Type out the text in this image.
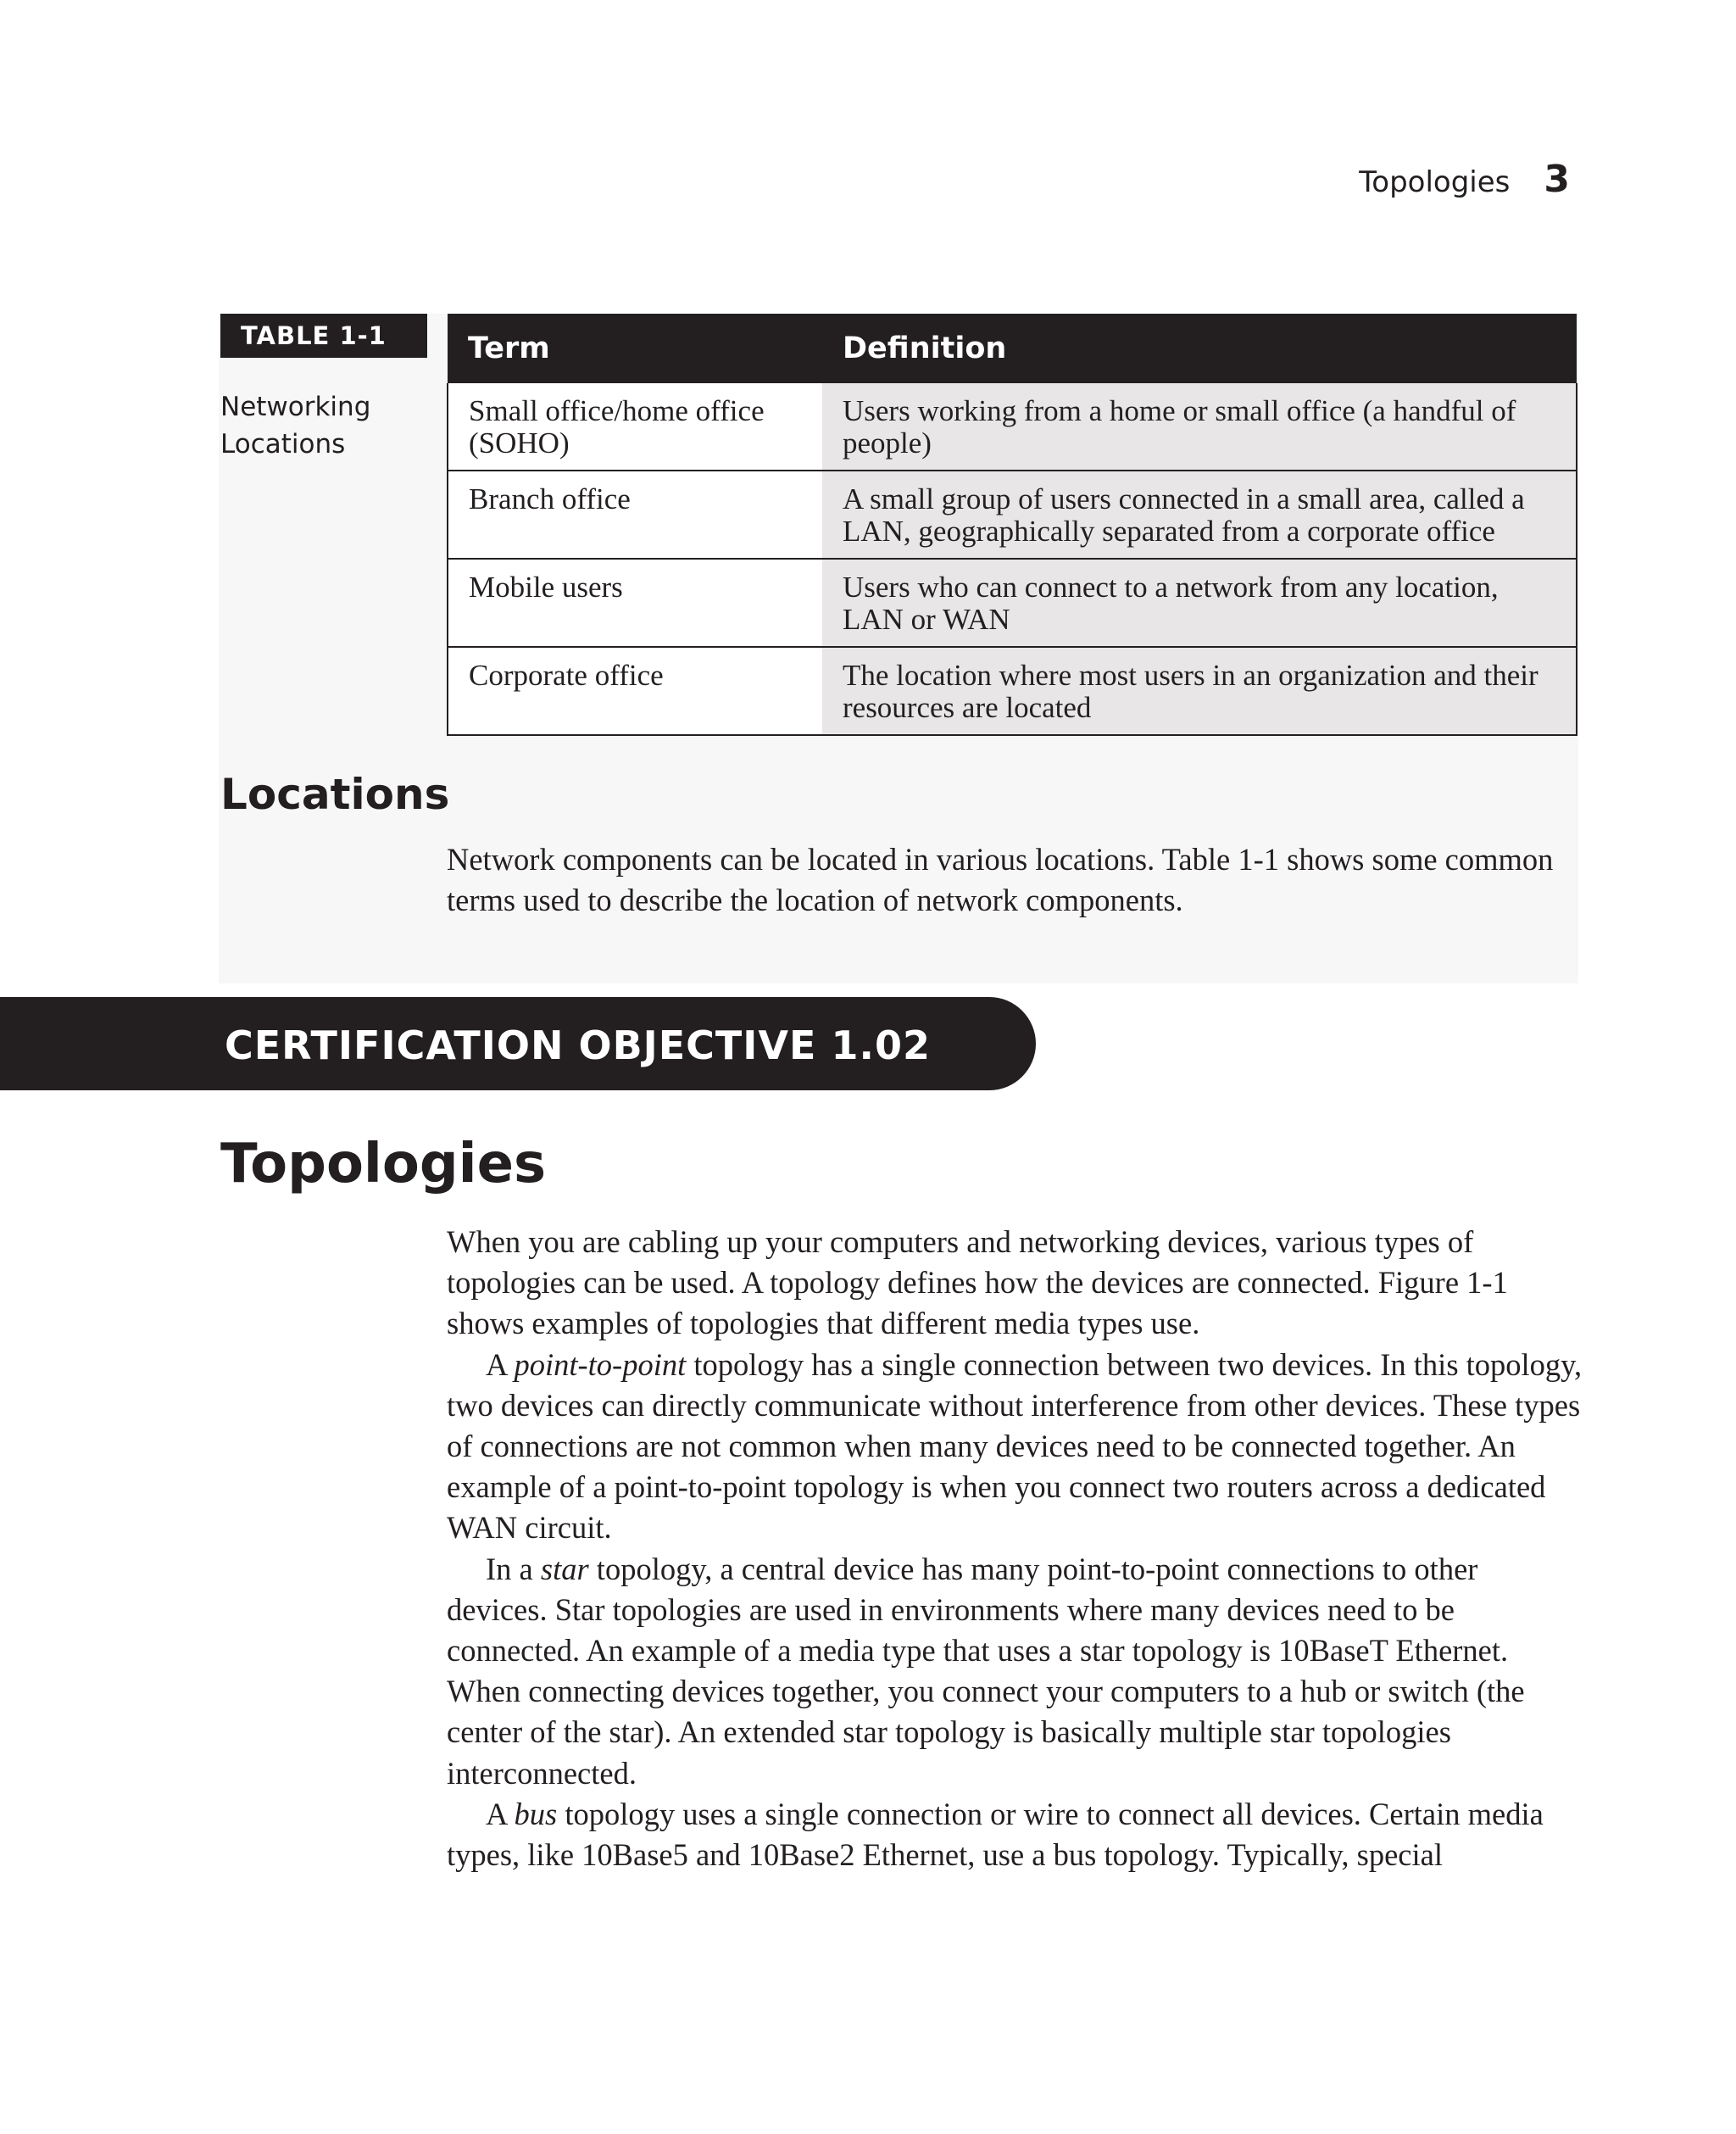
Topologies 3
TABLE 1-1
Networking Locations
Term	Definition
Small office/home office (SOHO)	Users working from a home or small office (a handful of people)
Branch office	A small group of users connected in a small area, called a LAN, geographically separated from a corporate office
Mobile users	Users who can connect to a network from any location, LAN or WAN
Corporate office	The location where most users in an organization and their resources are located
Locations
Network components can be located in various locations. Table 1-1 shows some common terms used to describe the location of network components.
CERTIFICATION OBJECTIVE 1.02
Topologies

When you are cabling up your computers and networking devices, various types of topologies can be used. A topology defines how the devices are connected. Figure 1-1 shows examples of topologies that different media types use.

A point-to-point topology has a single connection between two devices. In this topology, two devices can directly communicate without interference from other devices. These types of connections are not common when many devices need to be connected together. An example of a point-to-point topology is when you connect two routers across a dedicated WAN circuit.

In a star topology, a central device has many point-to-point connections to other devices. Star topologies are used in environments where many devices need to be connected. An example of a media type that uses a star topology is 10BaseT Ethernet. When connecting devices together, you connect your computers to a hub or switch (the center of the star). An extended star topology is basically multiple star topologies interconnected.

A bus topology uses a single connection or wire to connect all devices. Certain media types, like 10Base5 and 10Base2 Ethernet, use a bus topology. Typically, special
